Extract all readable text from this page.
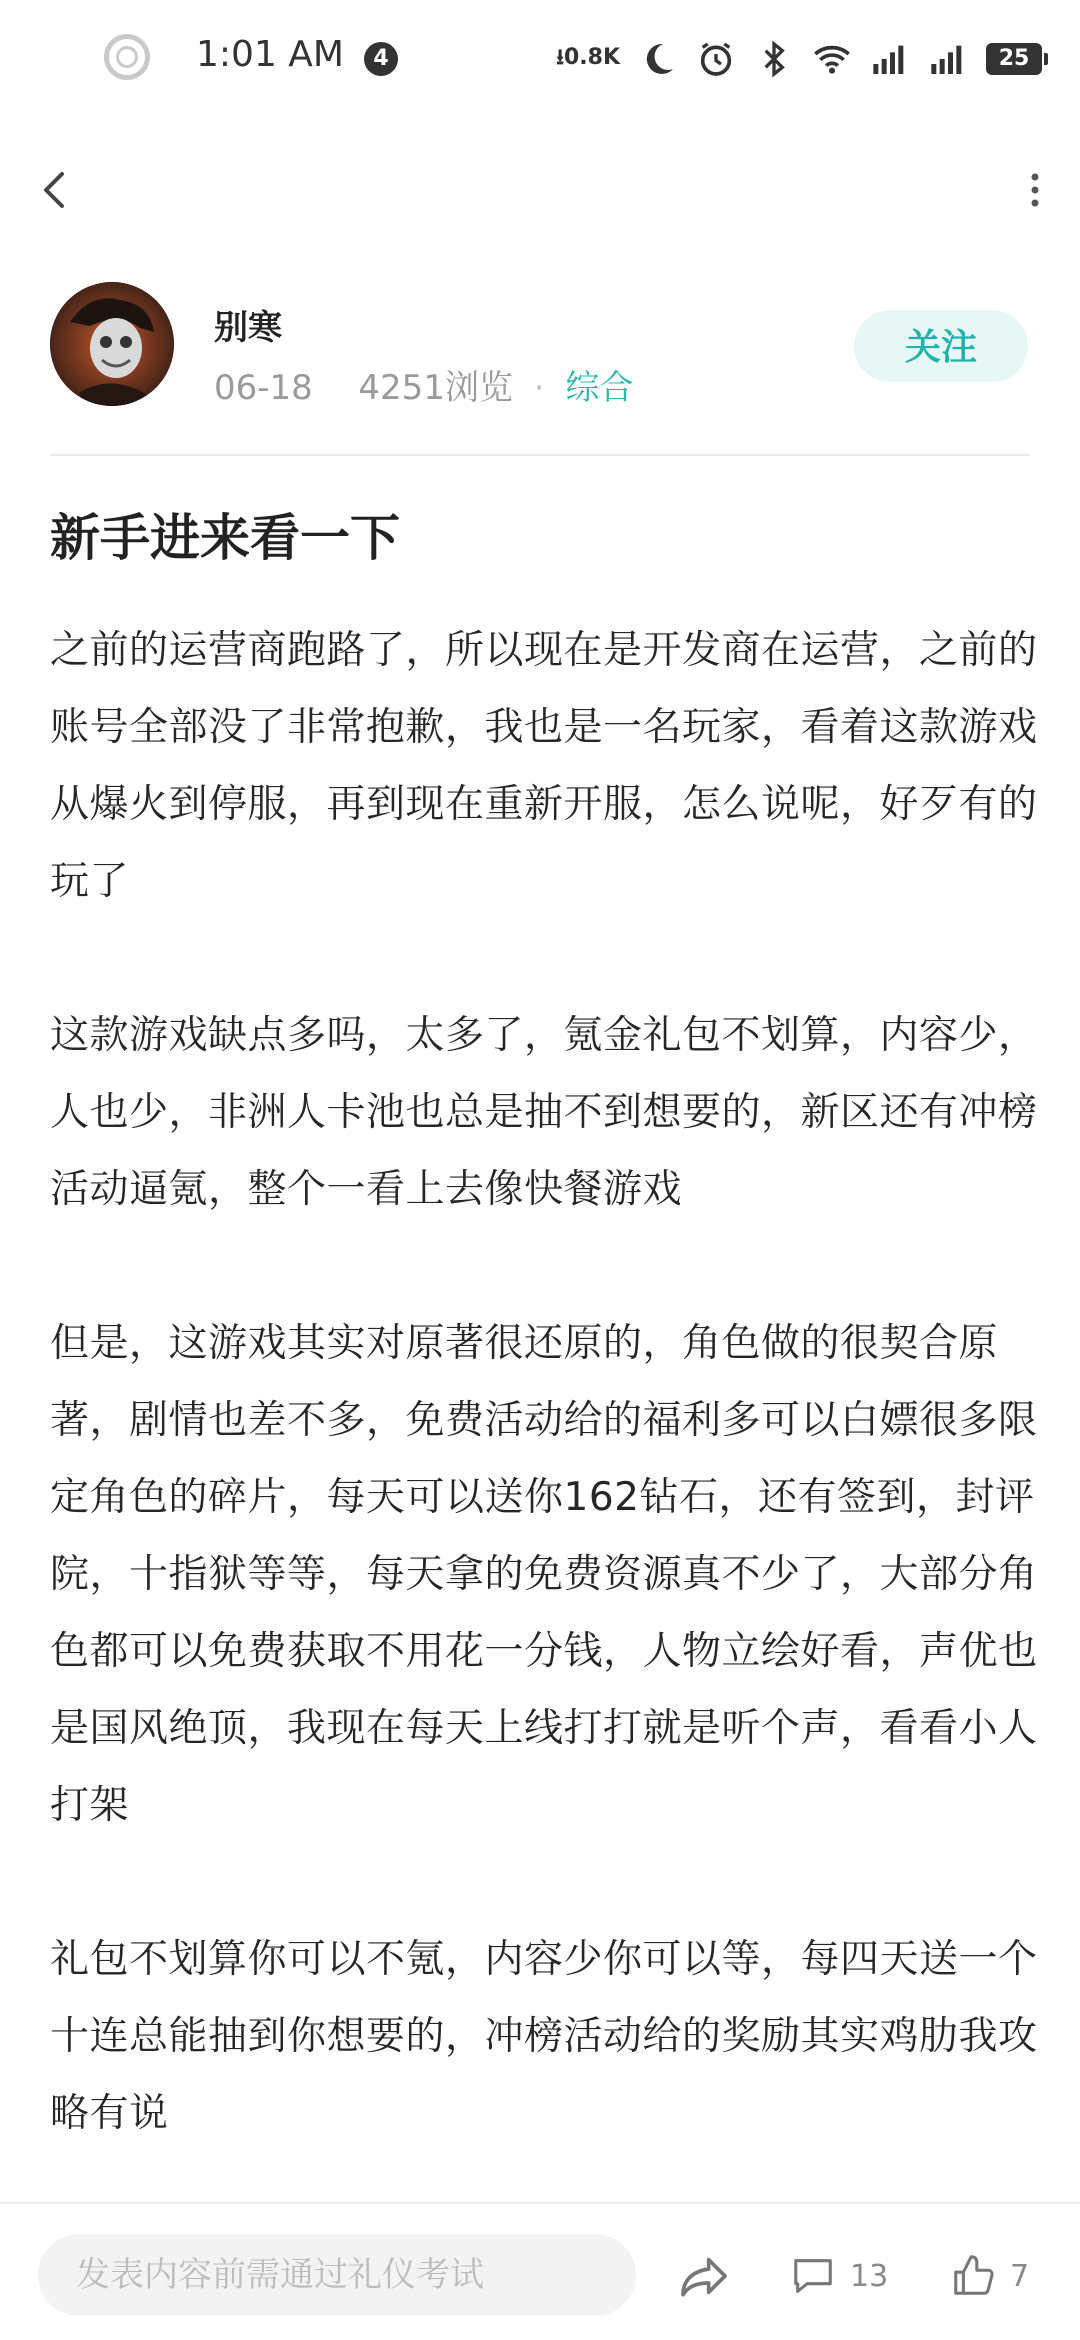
1:01 AM	4	⭳0.8K	25
别寒
06-18 4251浏览 · 综合
关注
新手进来看一下

之前的运营商跑路了，所以现在是开发商在运营，之前的账号全部没了非常抱歉，我也是一名玩家，看着这款游戏从爆火到停服，再到现在重新开服，怎么说呢，好歹有的玩了

这款游戏缺点多吗，太多了，氪金礼包不划算，内容少，人也少，非洲人卡池也总是抽不到想要的，新区还有冲榜活动逼氪，整个一看上去像快餐游戏

但是，这游戏其实对原著很还原的，角色做的很契合原著，剧情也差不多，免费活动给的福利多可以白嫖很多限定角色的碎片，每天可以送你162钻石，还有签到，封评院，十指狱等等，每天拿的免费资源真不少了，大部分角色都可以免费获取不用花一分钱，人物立绘好看，声优也是国风绝顶，我现在每天上线打打就是听个声，看看小人打架

礼包不划算你可以不氪，内容少你可以等，每四天送一个十连总能抽到你想要的，冲榜活动给的奖励其实鸡肋我攻略有说

发表内容前需通过礼仪考试	13	7
